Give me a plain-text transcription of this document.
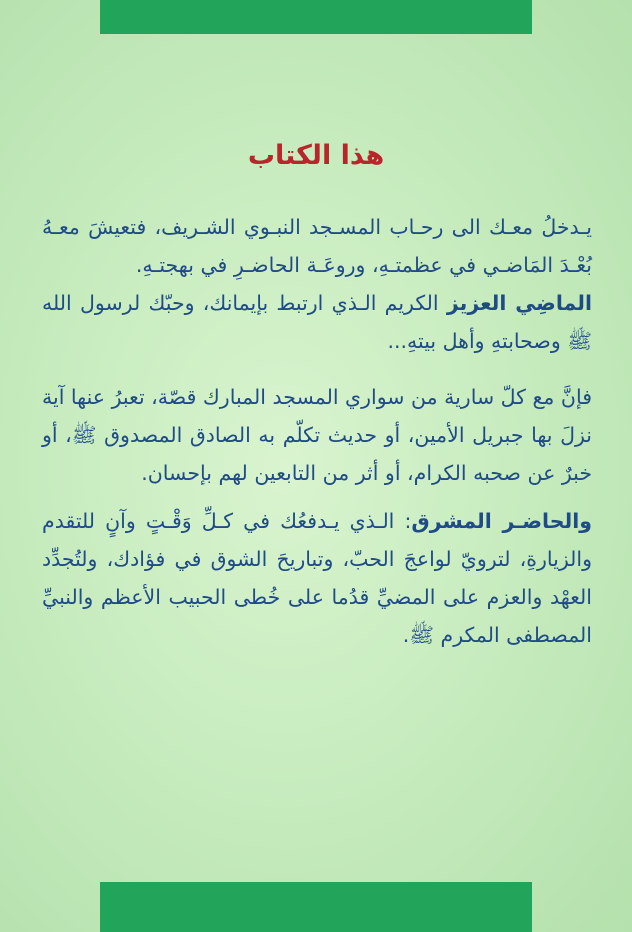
هذا الكتاب

يـدخلُ معـك الى رحـاب المسـجد النبـوي الشـريف، فتعيشَ معـهُ بُعْـدَ المَاضـي في عظمتـهِ، وروعَـة الحاضـرِ في بهجتـهِ.

الماضِي العزيز الكريم الـذي ارتبط بإيمانك، وحبّك لرسول الله ﷺ وصحابتهِ وأهل بيتهِ...

فإنَّ مع كلّ سارية من سواري المسجد المبارك قصّة، تعبرُ عنها آية نزلَ بها جبريل الأمين، أو حديث تكلّم به الصادق المصدوق ﷺ، أو خبرٌ عن صحبه الكرام، أو أثر من التابعين لهم بإحسان.

والحاضـر المشرق: الـذي يـدفعُك في كـلِّ وَقْـتٍ وآنٍ للتقدم والزيارةِ، لترويّ لواعجَ الحبّ، وتباريحَ الشوق في فؤادك، ولتُجدِّد العهْد والعزم على المضيِّ قدُما على خُطى الحبيب الأعظم والنبيِّ المصطفى المكرم ﷺ.
